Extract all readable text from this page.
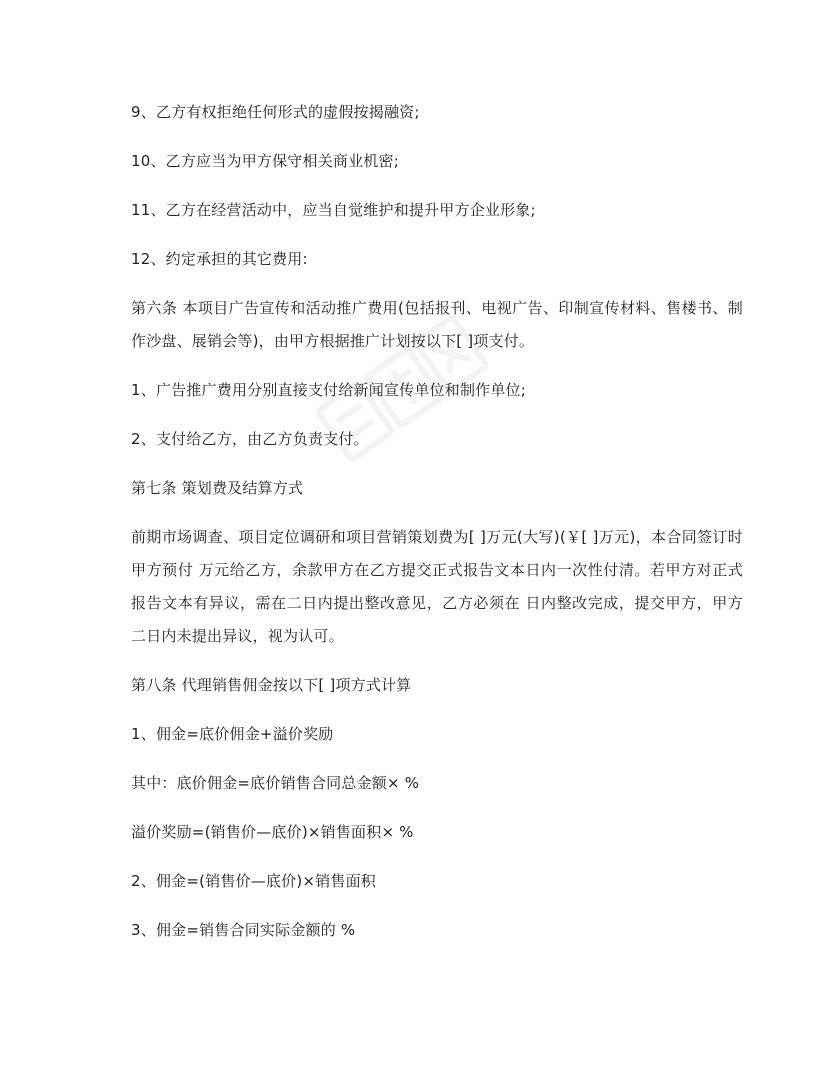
9、乙方有权拒绝任何形式的虚假按揭融资;

10、乙方应当为甲方保守相关商业机密;

11、乙方在经营活动中，应当自觉维护和提升甲方企业形象;

12、约定承担的其它费用:

第六条 本项目广告宣传和活动推广费用(包括报刊、电视广告、印制宣传材料、售楼书、制作沙盘、展销会等)，由甲方根据推广计划按以下[ ]项支付。

1、广告推广费用分别直接支付给新闻宣传单位和制作单位;

2、支付给乙方，由乙方负责支付。

第七条 策划费及结算方式

前期市场调查、项目定位调研和项目营销策划费为[ ]万元(大写)(￥[ ]万元)，本合同签订时甲方预付 万元给乙方，余款甲方在乙方提交正式报告文本日内一次性付清。若甲方对正式报告文本有异议，需在二日内提出整改意见，乙方必须在 日内整改完成，提交甲方，甲方二日内未提出异议，视为认可。

第八条 代理销售佣金按以下[ ]项方式计算

1、佣金=底价佣金+溢价奖励

其中：底价佣金=底价销售合同总金额× %

溢价奖励=(销售价—底价)×销售面积× %

2、佣金=(销售价—底价)×销售面积

3、佣金=销售合同实际金额的 %
